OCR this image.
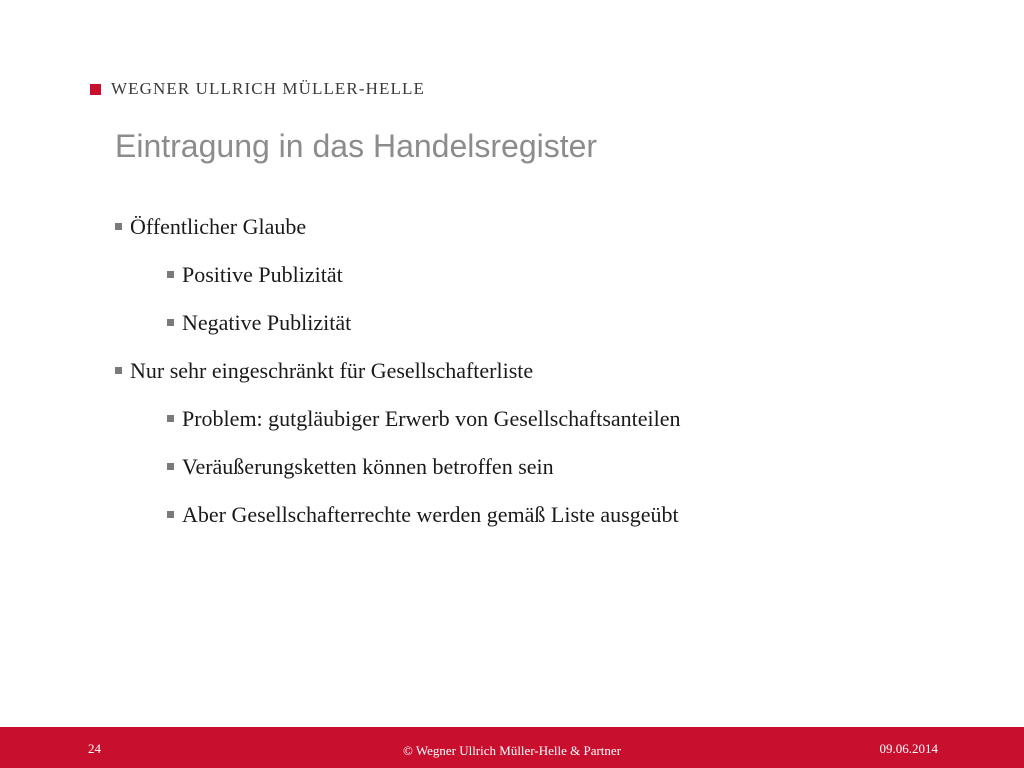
WEGNER ULLRICH MÜLLER-HELLE
Eintragung in das Handelsregister
Öffentlicher Glaube
Positive Publizität
Negative Publizität
Nur sehr eingeschränkt für Gesellschafterliste
Problem: gutgläubiger Erwerb von Gesellschaftsanteilen
Veräußerungsketten können betroffen sein
Aber Gesellschafterrechte werden gemäß Liste ausgeübt
24	© Wegner Ullrich Müller-Helle & Partner	09.06.2014
